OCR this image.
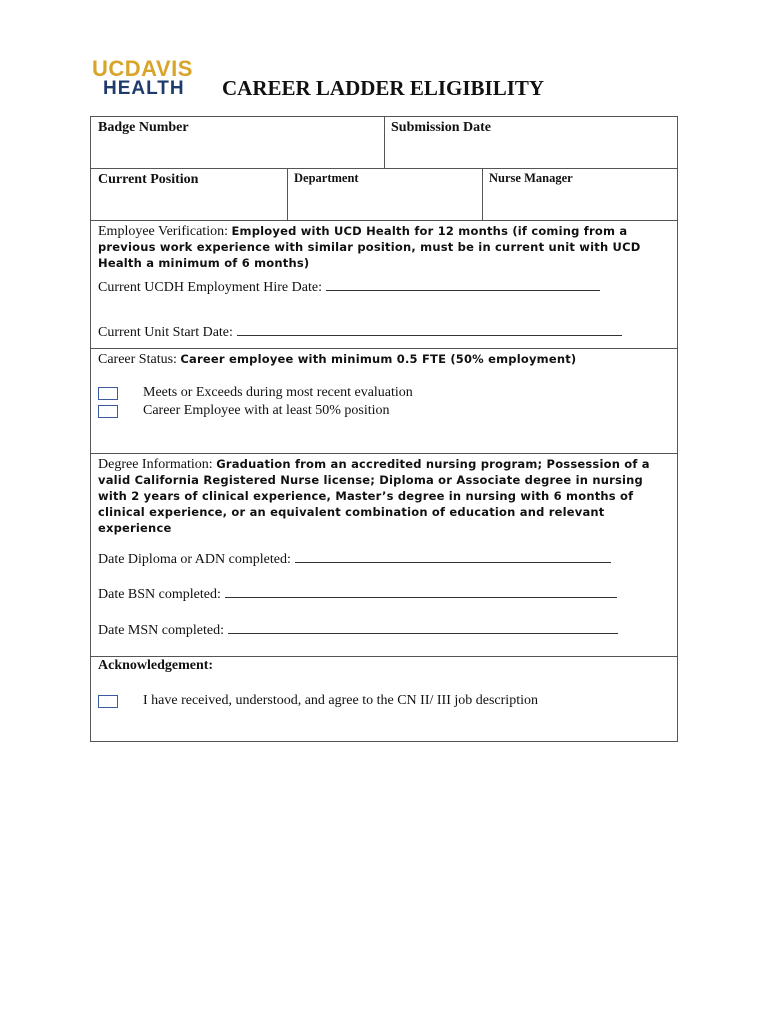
UCDAVIS
HEALTH CAREER LADDER ELIGIBILITY
Badge Number	Submission Date
Current Position	Department	Nurse Manager
Employee Verification: Employed with UCD Health for 12 months (if coming from a previous work experience with similar position, must be in current unit with UCD Health a minimum of 6 months)
Current UCDH Employment Hire Date:
Current Unit Start Date:
Career Status: Career employee with minimum 0.5 FTE (50% employment)
Meets or Exceeds during most recent evaluation
Career Employee with at least 50% position
Degree Information: Graduation from an accredited nursing program; Possession of a valid California Registered Nurse license; Diploma or Associate degree in nursing with 2 years of clinical experience, Master’s degree in nursing with 6 months of clinical experience, or an equivalent combination of education and relevant experience
Date Diploma or ADN completed:
Date BSN completed:
Date MSN completed:
Acknowledgement:
I have received, understood, and agree to the CN II/ III job description
